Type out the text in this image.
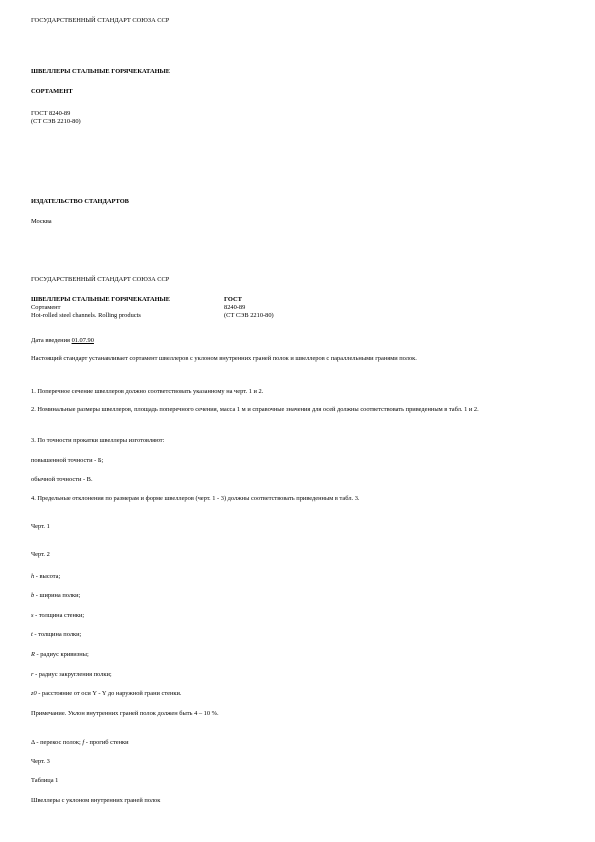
ГОСУДАРСТВЕННЫЙ СТАНДАРТ СОЮЗА ССР
ШВЕЛЛЕРЫ СТАЛЬНЫЕ ГОРЯЧЕКАТАНЫЕ
СОРТАМЕНТ
ГОСТ 8240-89
(СТ СЭВ 2210-80)
ИЗДАТЕЛЬСТВО СТАНДАРТОВ
Москва
ГОСУДАРСТВЕННЫЙ СТАНДАРТ СОЮЗА ССР
ШВЕЛЛЕРЫ СТАЛЬНЫЕ ГОРЯЧЕКАТАНЫЕ	ГОСТ
Сортамент	8240-89
Hot-rolled steel channels. Rolling products	(СТ СЭВ 2210-80)
Дата введения 01.07.90
Настоящий стандарт устанавливает сортамент швеллеров с уклоном внутренних граней полок и швеллеров с параллельными гранями полок.
1. Поперечное сечение швеллеров должно соответствовать указанному на черт. 1 и 2.
2. Номинальные размеры швеллеров, площадь поперечного сечения, масса 1 м и справочные значения для осей должны соответствовать приведенным в табл. 1 и 2.
3. По точности прокатки швеллеры изготовляют:
повышенной точности - Б;
обычной точности - В.
4. Предельные отклонения по размерам и форме швеллеров (черт. 1 - 3) должны соответствовать приведенным в табл. 3.
Черт. 1
Черт. 2
h - высота;
b - ширина полки;
s - толщина стенки;
t - толщина полки;
R - радиус кривизны;
r - радиус закругления полки;
z0 - расстояние от оси Y - Y до наружной грани стенки.
Примечание. Уклон внутренних граней полок должен быть 4 – 10 %.
Δ - перекос полок; f - прогиб стенки
Черт. 3
Таблица 1
Швеллеры с уклоном внутренних граней полок
